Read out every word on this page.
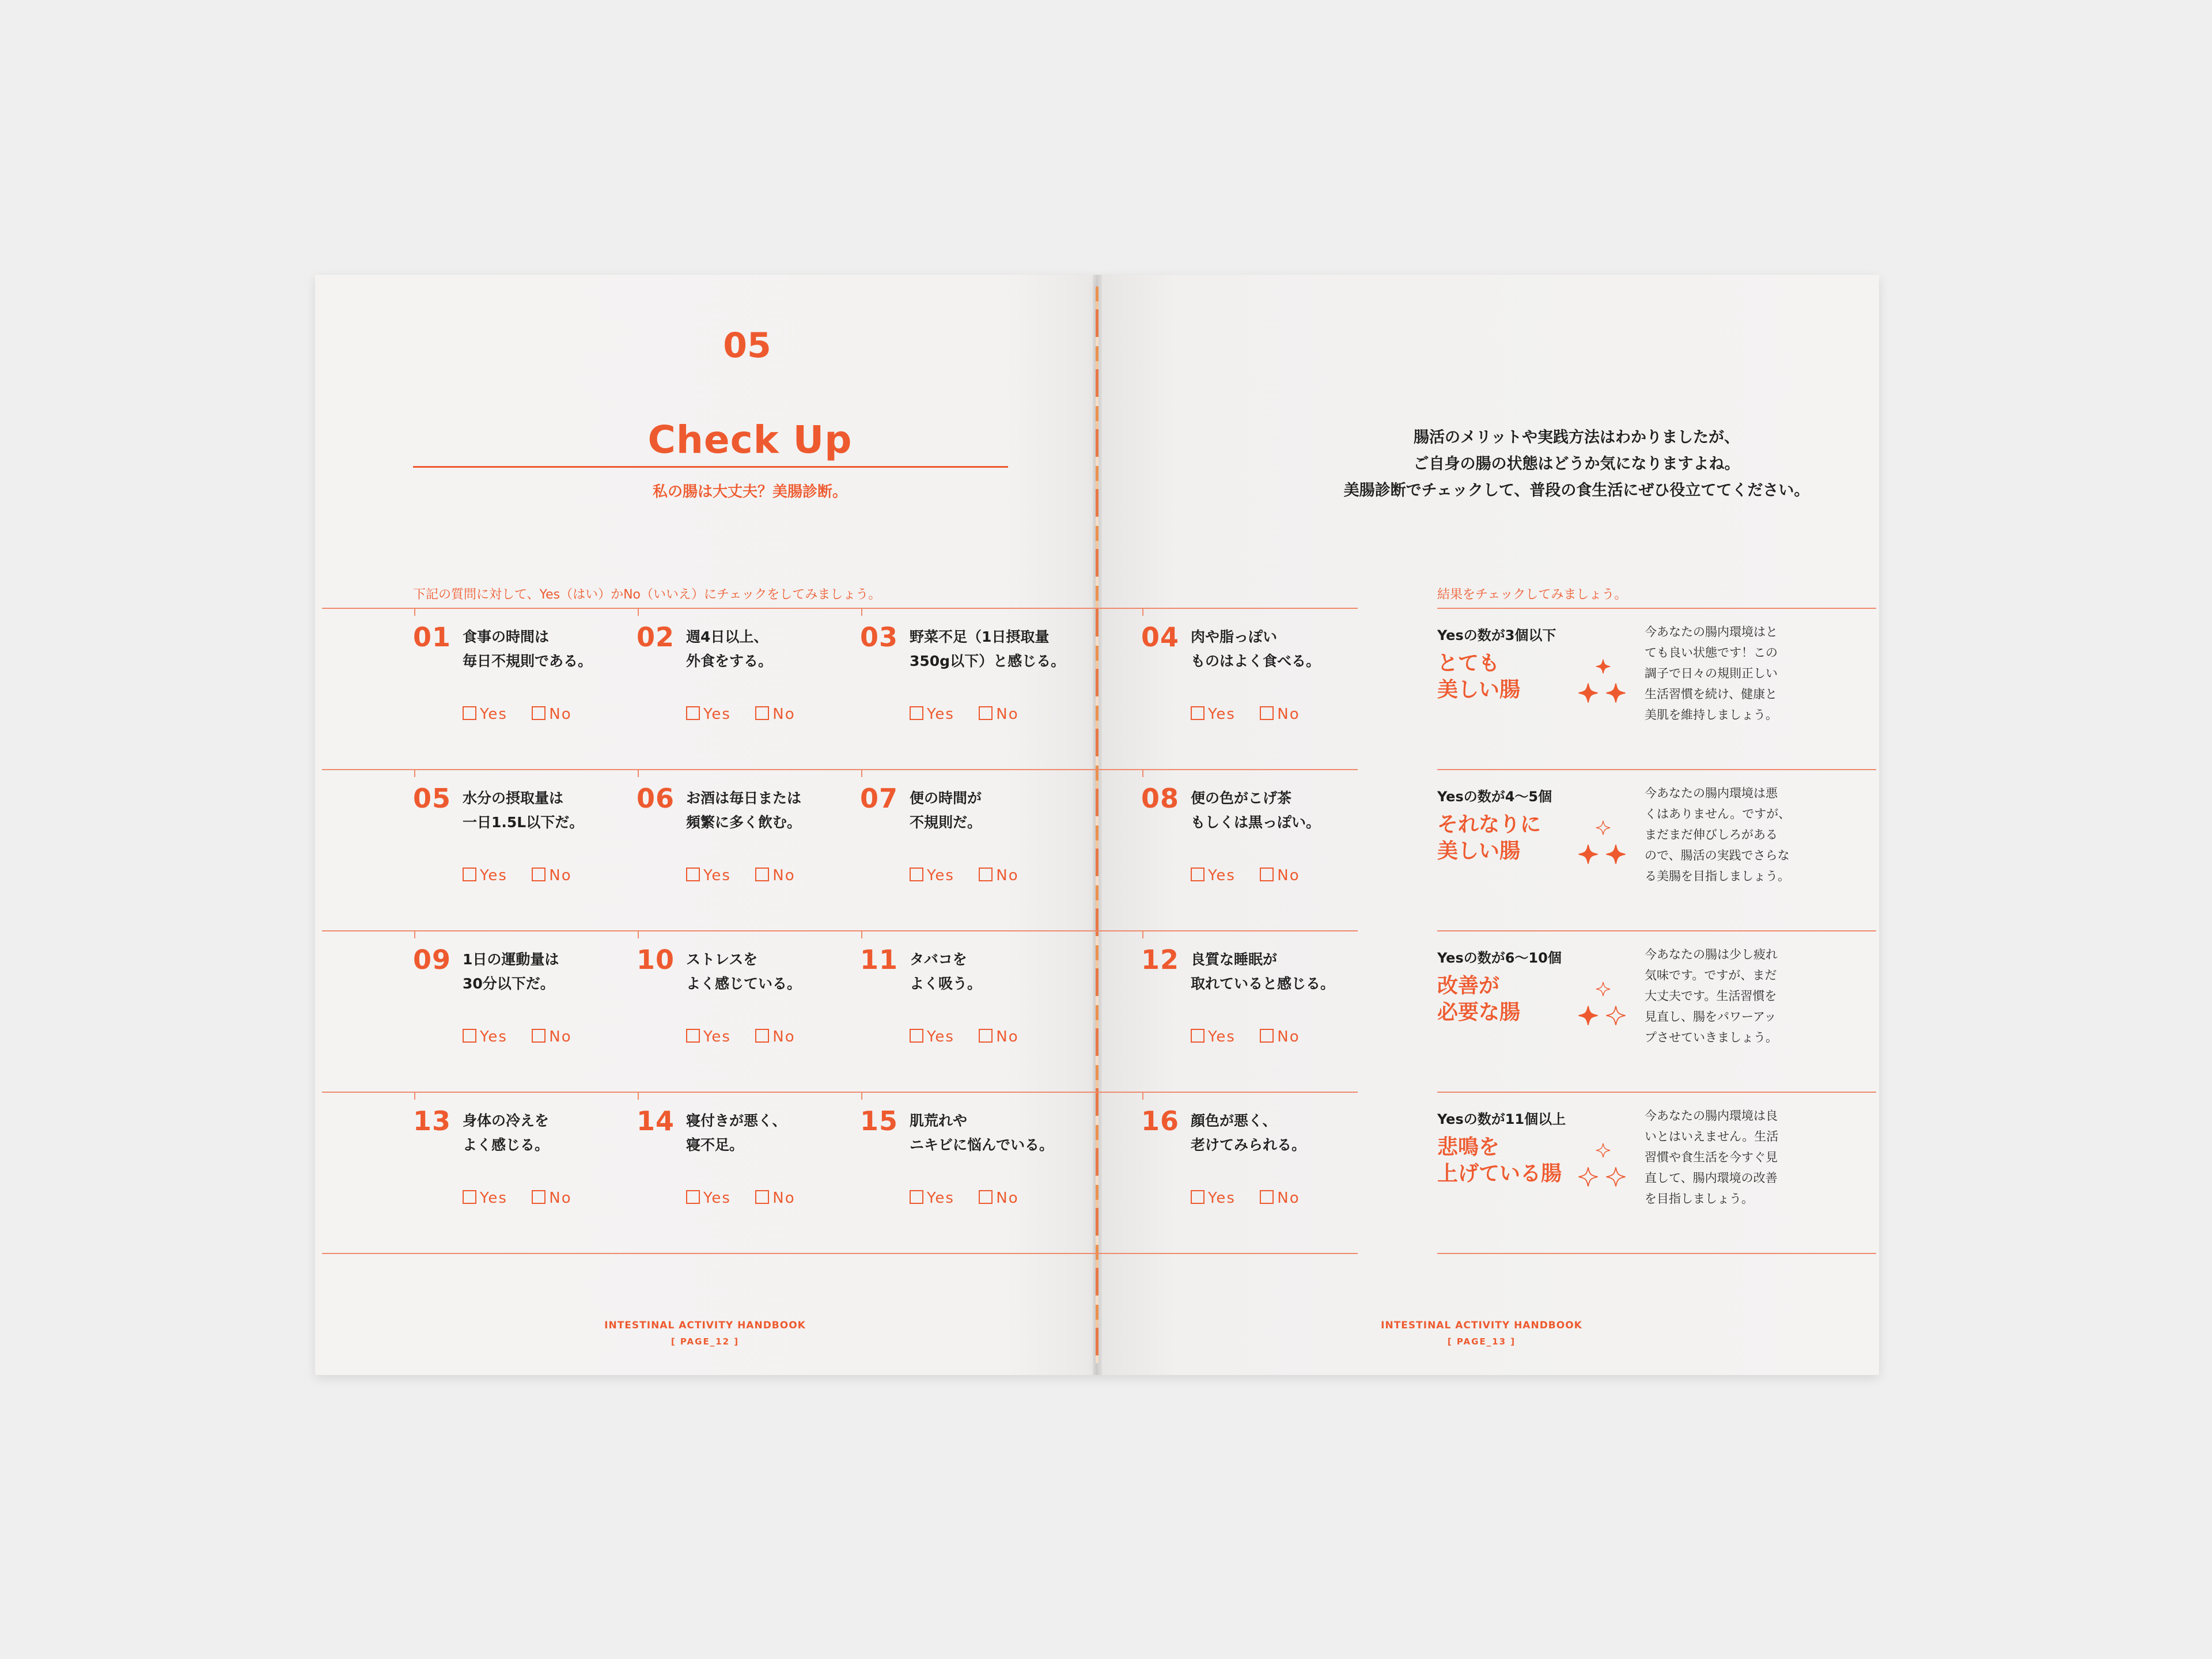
05
Check Up
私の腸は大丈夫？美腸診断。
腸活のメリットや実践方法はわかりましたが、
ご自身の腸の状態はどうか気になりますよね。
美腸診断でチェックして、普段の食生活にぜひ役立ててください。
下記の質問に対して、Yes（はい）かNo（いいえ）にチェックをしてみましょう。	結果をチェックしてみましょう。
01 食事の時間は
毎日不規則である。
Yes	No
02 週4日以上、
外食をする。
Yes	No
03 野菜不足（1日摂取量
350g以下）と感じる。
Yes	No
04 肉や脂っぽい
ものはよく食べる。
Yes	No
05 水分の摂取量は
一日1.5L以下だ。
Yes	No
06 お酒は毎日または
頻繁に多く飲む。
Yes	No
07 便の時間が
不規則だ。
Yes	No
08 便の色がこげ茶
もしくは黒っぽい。
Yes	No
09 1日の運動量は
30分以下だ。
Yes	No
10 ストレスを
よく感じている。
Yes	No
11 タバコを
よく吸う。
Yes	No
12 良質な睡眠が
取れていると感じる。
Yes	No
13 身体の冷えを
よく感じる。
Yes	No
14 寝付きが悪く、
寝不足。
Yes	No
15 肌荒れや
ニキビに悩んでいる。
Yes	No
16 顔色が悪く、
老けてみられる。
Yes	No
Yesの数が3個以下
とても
美しい腸
今あなたの腸内環境はと
ても良い状態です！この
調子で日々の規則正しい
生活習慣を続け、健康と
美肌を維持しましょう。
Yesの数が4〜5個
それなりに
美しい腸
今あなたの腸内環境は悪
くはありません。ですが、
まだまだ伸びしろがある
ので、腸活の実践でさらな
る美腸を目指しましょう。
Yesの数が6〜10個
改善が
必要な腸
今あなたの腸は少し疲れ
気味です。ですが、まだ
大丈夫です。生活習慣を
見直し、腸をパワーアッ
プさせていきましょう。
Yesの数が11個以上
悲鳴を
上げている腸
今あなたの腸内環境は良
いとはいえません。生活
習慣や食生活を今すぐ見
直して、腸内環境の改善
を目指しましょう。
INTESTINAL ACTIVITY HANDBOOK
[ PAGE_12 ]
INTESTINAL ACTIVITY HANDBOOK
[ PAGE_13 ]
